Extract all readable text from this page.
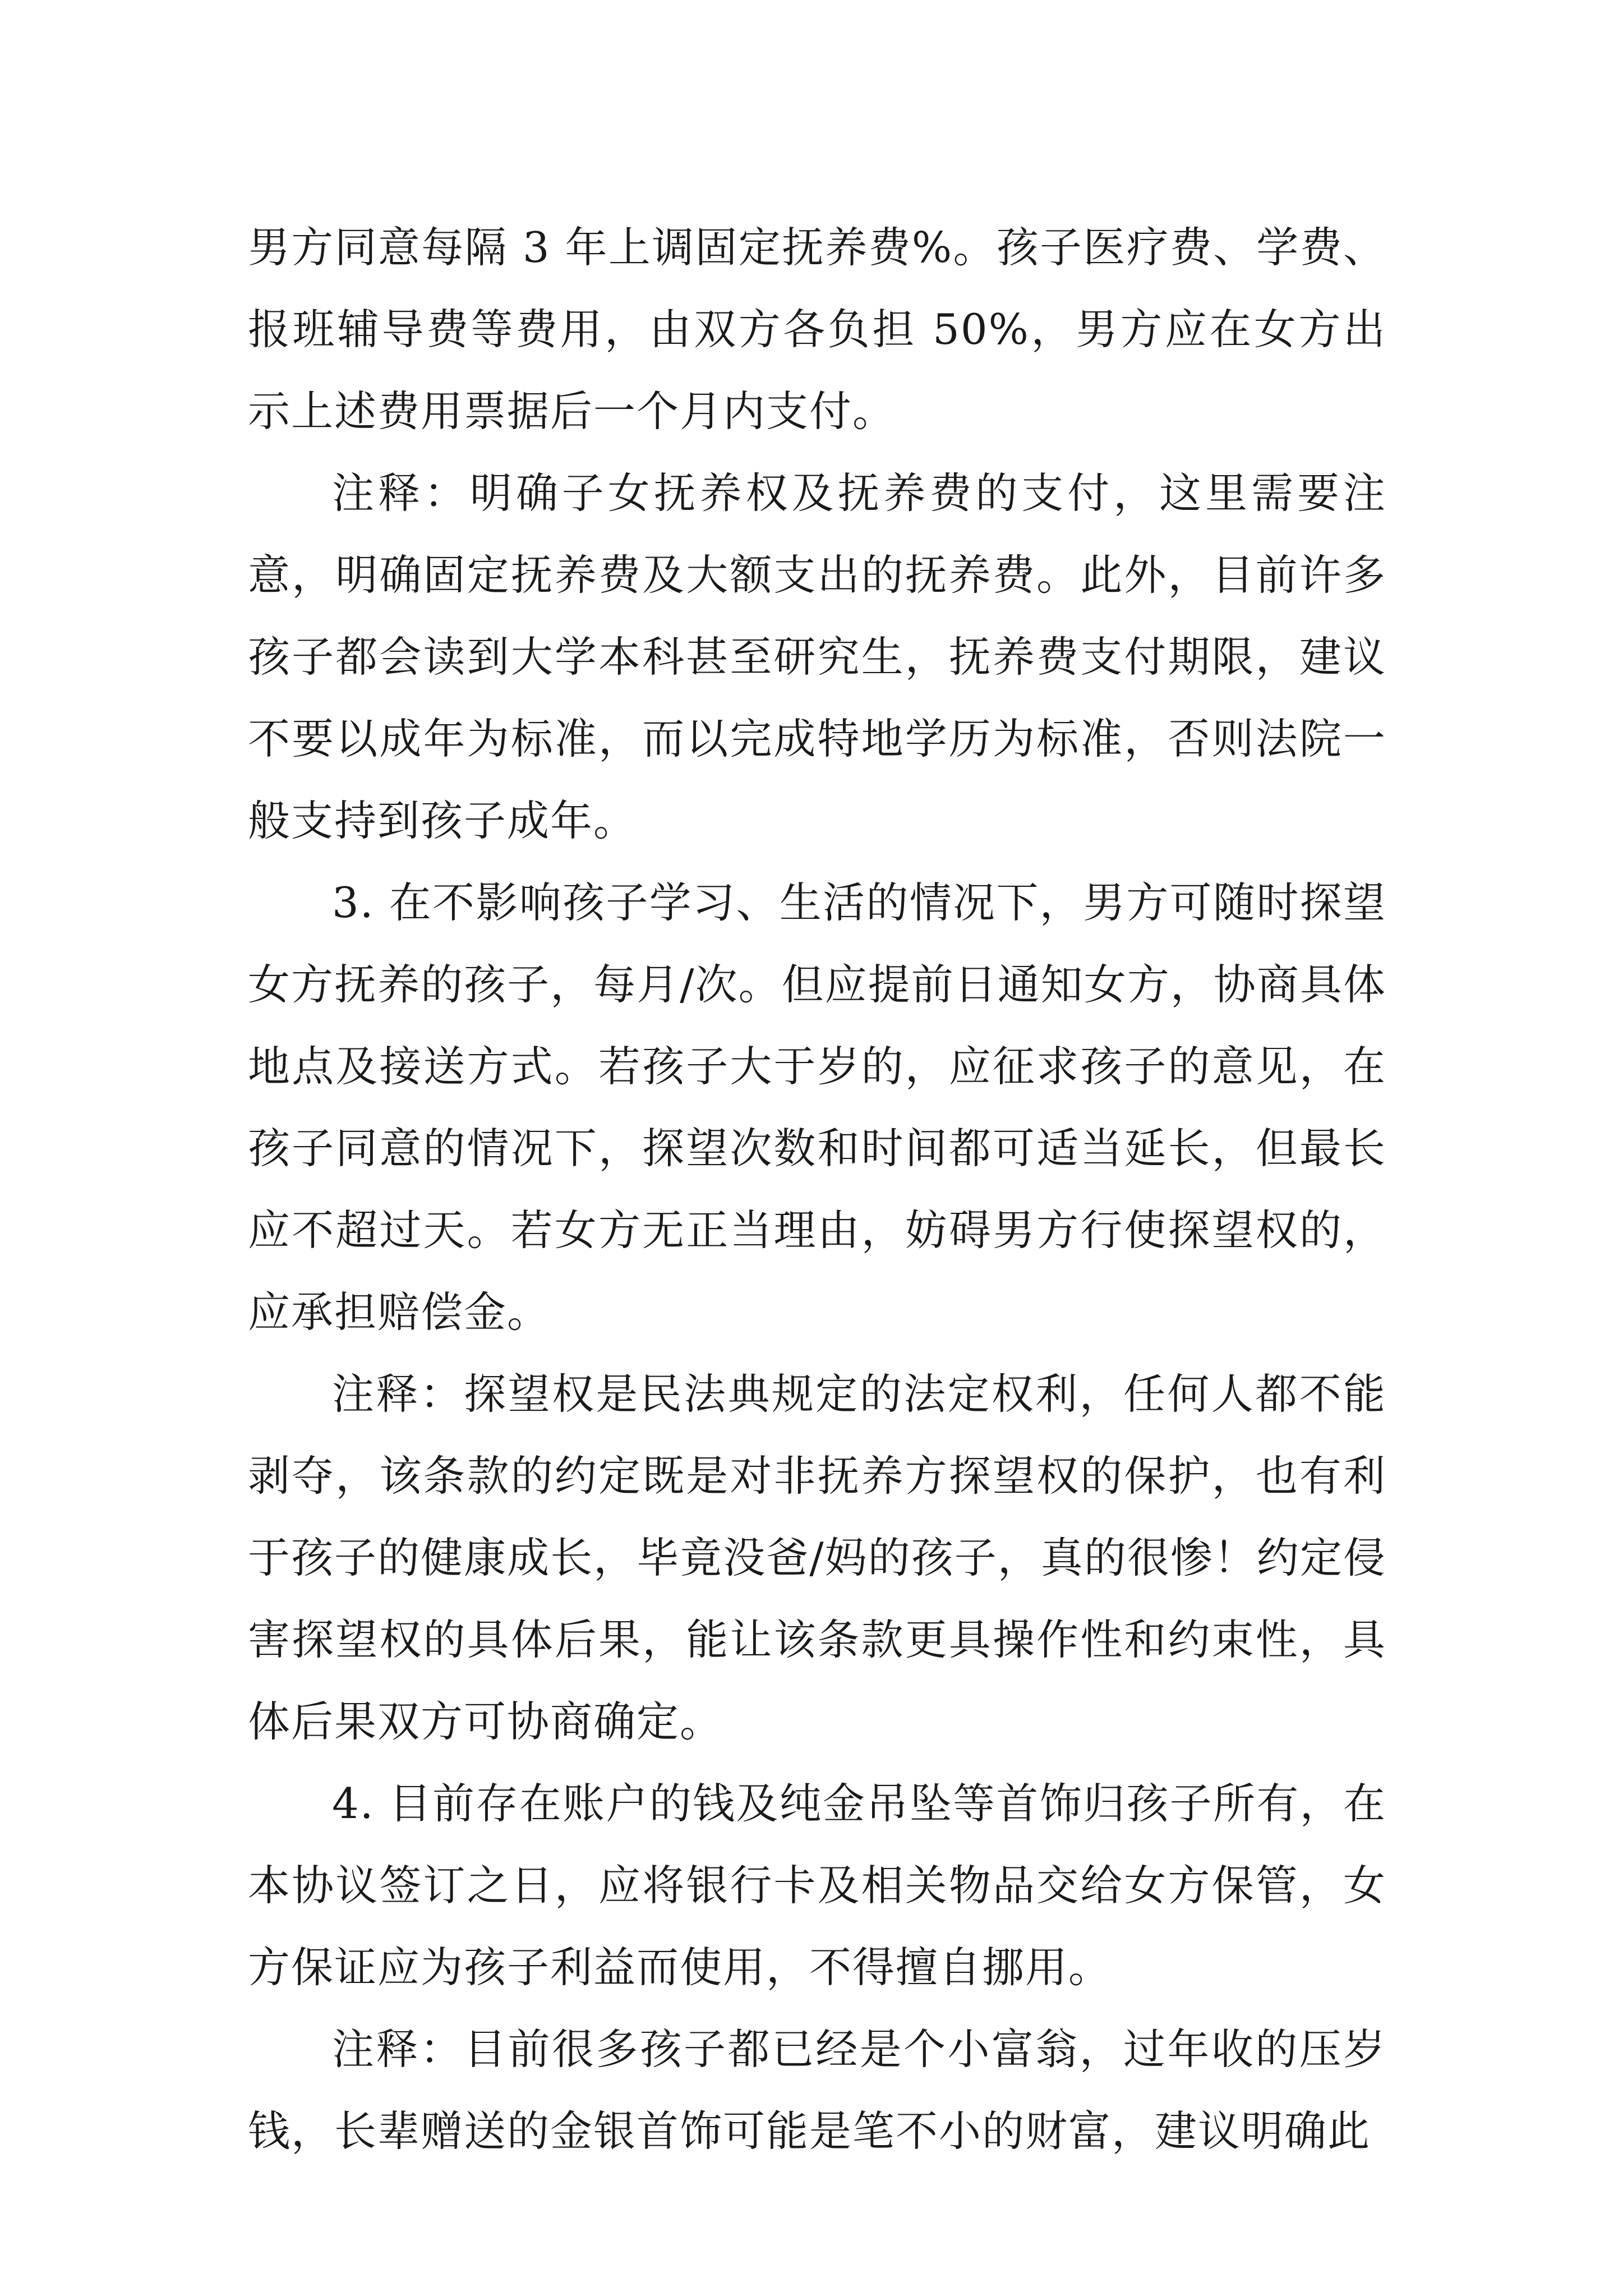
男方同意每隔 3 年上调固定抚养费%。孩子医疗费、学费、报班辅导费等费用，由双方各负担 50%，男方应在女方出示上述费用票据后一个月内支付。

注释：明确子女抚养权及抚养费的支付，这里需要注意，明确固定抚养费及大额支出的抚养费。此外，目前许多孩子都会读到大学本科甚至研究生，抚养费支付期限，建议不要以成年为标准，而以完成特地学历为标准，否则法院一般支持到孩子成年。

3. 在不影响孩子学习、生活的情况下，男方可随时探望女方抚养的孩子，每月/次。但应提前日通知女方，协商具体地点及接送方式。若孩子大于岁的，应征求孩子的意见，在孩子同意的情况下，探望次数和时间都可适当延长，但最长应不超过天。若女方无正当理由，妨碍男方行使探望权的，应承担赔偿金。

注释：探望权是民法典规定的法定权利，任何人都不能剥夺，该条款的约定既是对非抚养方探望权的保护，也有利于孩子的健康成长，毕竟没爸/妈的孩子，真的很惨！约定侵害探望权的具体后果，能让该条款更具操作性和约束性，具体后果双方可协商确定。

4. 目前存在账户的钱及纯金吊坠等首饰归孩子所有，在本协议签订之日，应将银行卡及相关物品交给女方保管，女方保证应为孩子利益而使用，不得擅自挪用。

注释：目前很多孩子都已经是个小富翁，过年收的压岁钱，长辈赠送的金银首饰可能是笔不小的财富，建议明确此
